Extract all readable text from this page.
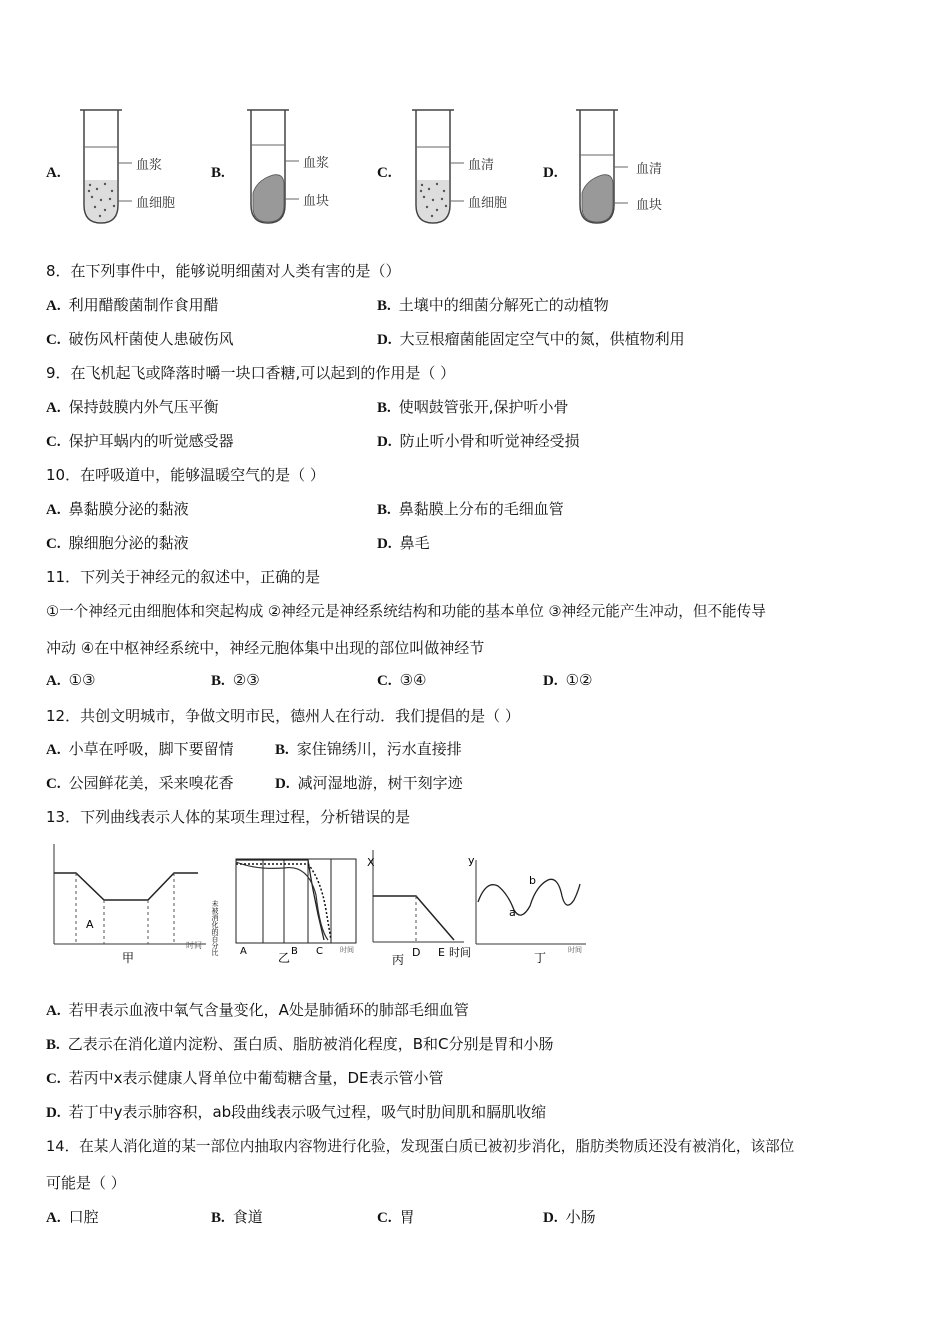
A.	血浆
血细胞
B.
血浆
血块
C.	血清
血细胞
D.	血清
血块
8．在下列事件中，能够说明细菌对人类有害的是（）
A. 利用醋酸菌制作食用醋	B. 土壤中的细菌分解死亡的动植物
C. 破伤风杆菌使人患破伤风	D. 大豆根瘤菌能固定空气中的氮，供植物利用
9．在飞机起飞或降落时嚼一块口香糖,可以起到的作用是（ ）
A. 保持鼓膜内外气压平衡	B. 使咽鼓管张开,保护听小骨
C. 保护耳蜗内的听觉感受器	D. 防止听小骨和听觉神经受损
10．在呼吸道中，能够温暖空气的是（ ）
A. 鼻黏膜分泌的黏液	B. 鼻黏膜上分布的毛细血管
C. 腺细胞分泌的黏液	D. 鼻毛
11．下列关于神经元的叙述中，正确的是
①一个神经元由细胞体和突起构成 ②神经元是神经系统结构和功能的基本单位 ③神经元能产生冲动，但不能传导
冲动 ④在中枢神经系统中，神经元胞体集中出现的部位叫做神经节
A. ①③	B. ②③	C. ③④	D. ①②
12．共创文明城市，争做文明市民，德州人在行动．我们提倡的是（ ）
A. 小草在呼吸，脚下要留情	B. 家住锦绣川，污水直接排
C. 公园鲜花美，采来嗅花香	D. 减河湿地游，树干刻字迹
13．下列曲线表示人体的某项生理过程，分析错误的是
A
时间
甲
未被消化的百分比 A	B C 时间
乙
X
D E 时间
丙
y
a
b
时间
丁
A. 若甲表示血液中氧气含量变化，A处是肺循环的肺部毛细血管
B. 乙表示在消化道内淀粉、蛋白质、脂肪被消化程度，B和C分别是胃和小肠
C. 若丙中x表示健康人肾单位中葡萄糖含量，DE表示管小管
D. 若丁中y表示肺容积，ab段曲线表示吸气过程，吸气时肋间肌和膈肌收缩
14．在某人消化道的某一部位内抽取内容物进行化验，发现蛋白质已被初步消化，脂肪类物质还没有被消化，该部位
可能是（ ）
A. 口腔	B. 食道	C. 胃	D. 小肠
